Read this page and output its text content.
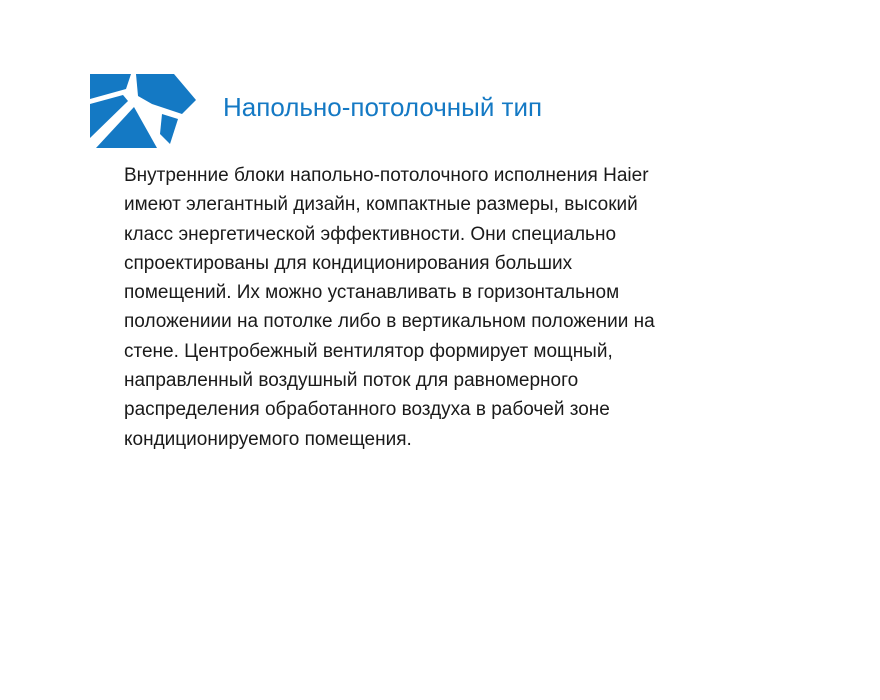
Напольно-потолочный тип

Внутренние блоки напольно-потолочного исполнения Haier
имеют элегантный дизайн, компактные размеры, высокий
класс энергетической эффективности. Они специально
спроектированы для кондиционирования больших
помещений. Их можно устанавливать в горизонтальном
положениии на потолке либо в вертикальном положении на
стене. Центробежный вентилятор формирует мощный,
направленный воздушный поток для равномерного
распределения обработанного воздуха в рабочей зоне
кондиционируемого помещения.
